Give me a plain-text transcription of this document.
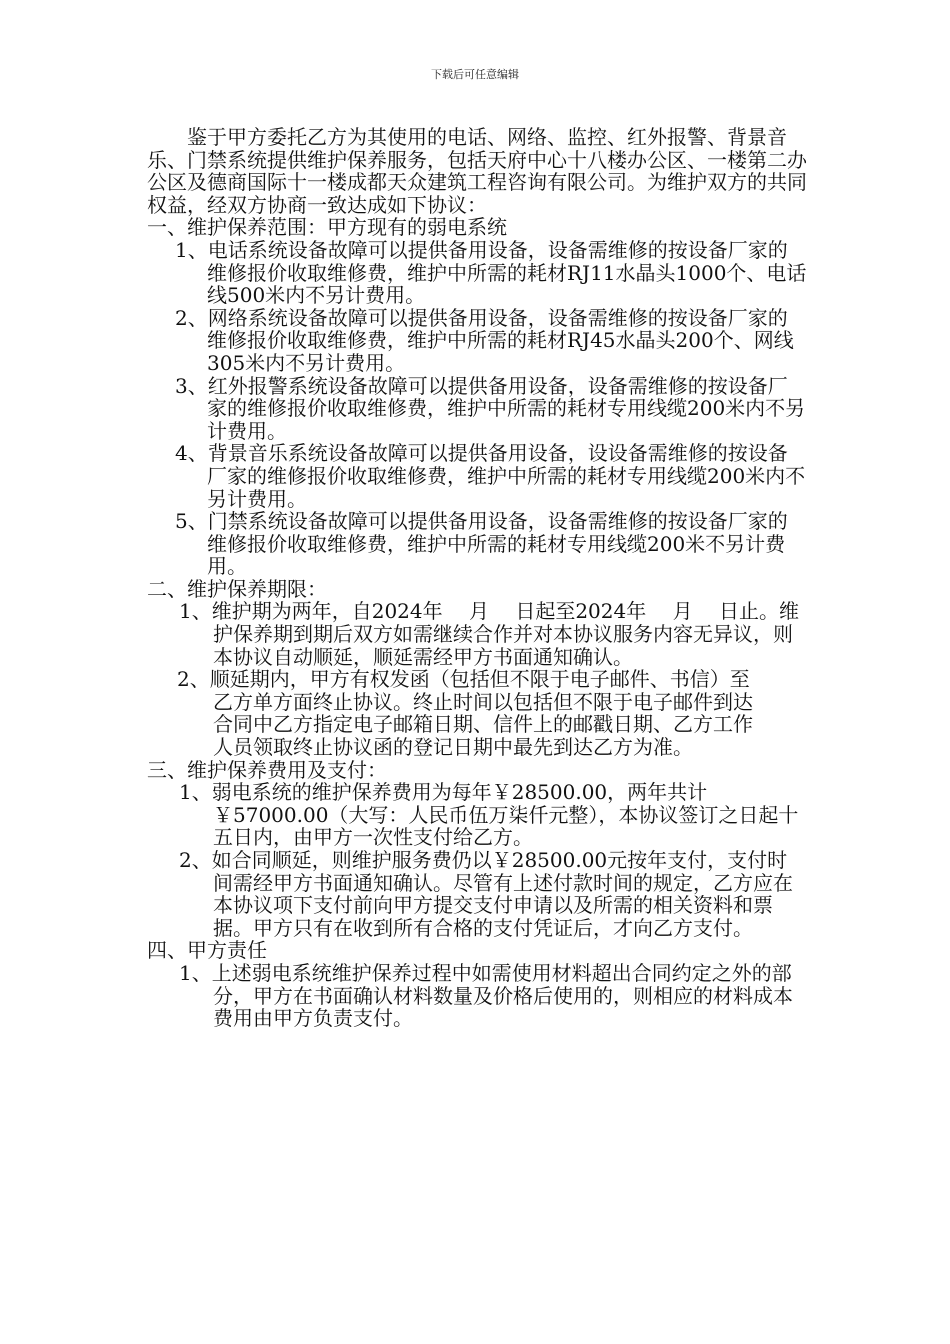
下载后可任意编辑

鉴于甲方委托乙方为其使用的电话、网络、监控、红外报警、背景音乐、门禁系统提供维护保养服务，包括天府中心十八楼办公区、一楼第二办公区及德商国际十一楼成都天众建筑工程咨询有限公司。为维护双方的共同权益，经双方协商一致达成如下协议：

一、维护保养范围：甲方现有的弱电系统

1、电话系统设备故障可以提供备用设备，设备需维修的按设备厂家的维修报价收取维修费，维护中所需的耗材RJ11水晶头1000个、电话线500米内不另计费用。

2、网络系统设备故障可以提供备用设备，设备需维修的按设备厂家的维修报价收取维修费，维护中所需的耗材RJ45水晶头200个、网线305米内不另计费用。

3、红外报警系统设备故障可以提供备用设备，设备需维修的按设备厂家的维修报价收取维修费，维护中所需的耗材专用线缆200米内不另计费用。

4、背景音乐系统设备故障可以提供备用设备，设设备需维修的按设备厂家的维修报价收取维修费，维护中所需的耗材专用线缆200米内不另计费用。

5、门禁系统设备故障可以提供备用设备，设备需维修的按设备厂家的维修报价收取维修费，维护中所需的耗材专用线缆200米不另计费用。

二、维护保养期限：

1、维护期为两年，自2024年　 月　 日起至2024年　 月　 日止。维护保养期到期后双方如需继续合作并对本协议服务内容无异议，则本协议自动顺延，顺延需经甲方书面通知确认。

2、顺延期内，甲方有权发函（包括但不限于电子邮件、书信）至

乙方单方面终止协议。终止时间以包括但不限于电子邮件到达

合同中乙方指定电子邮箱日期、信件上的邮戳日期、乙方工作

人员领取终止协议函的登记日期中最先到达乙方为准。

三、维护保养费用及支付：

1、弱电系统的维护保养费用为每年￥28500.00，两年共计￥57000.00（大写：人民币伍万柒仟元整），本协议签订之日起十五日内，由甲方一次性支付给乙方。

2、如合同顺延，则维护服务费仍以￥28500.00元按年支付，支付时间需经甲方书面通知确认。尽管有上述付款时间的规定，乙方应在本协议项下支付前向甲方提交支付申请以及所需的相关资料和票据。甲方只有在收到所有合格的支付凭证后，才向乙方支付。

四、甲方责任

1、上述弱电系统维护保养过程中如需使用材料超出合同约定之外的部分，甲方在书面确认材料数量及价格后使用的，则相应的材料成本费用由甲方负责支付。
